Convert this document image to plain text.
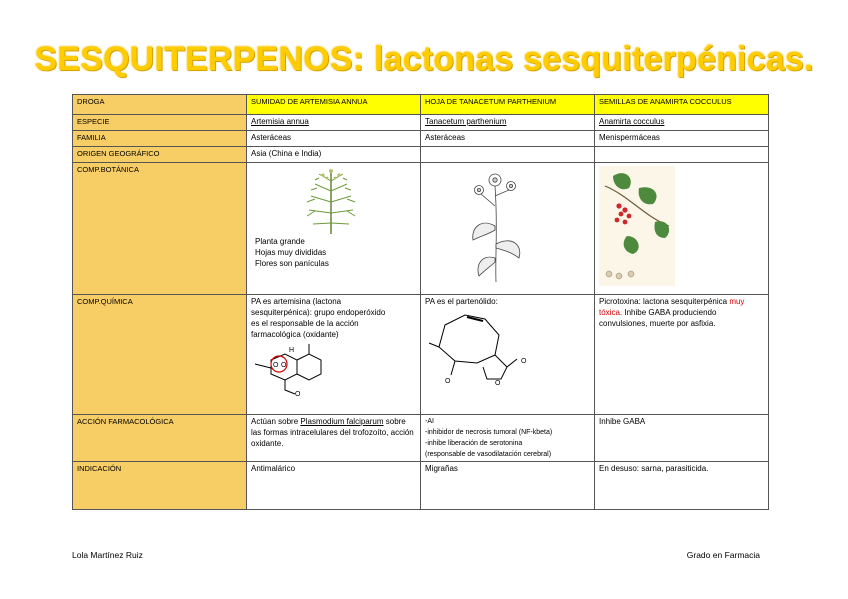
SESQUITERPENOS: lactonas sesquiterpénicas.
DROGA	SUMIDAD DE ARTEMISIA ANNUA	HOJA DE TANACETUM PARTHENIUM	SEMILLAS DE ANAMIRTA COCCULUS
ESPECIE	Artemisia annua	Tanacetum parthenium	Anamirta cocculus
FAMILIA	Asteráceas	Asteráceas	Menispermáceas
ORIGEN GEOGRÁFICO	Asia (China e India)		
COMP.BOTÁNICA	Planta grande
Hojas muy divididas
Flores son panículas

COMP.QUÍMICA	PA es artemisina (lactona sesquiterpénica): grupo endoperóxido es el responsable de la acción farmacológica (oxidante)
H
O O
O	PA es el partenólido:
O
O
O	Picrotoxina: lactona sesquiterpénica muy tóxica. Inhibe GABA produciendo convulsiones, muerte por asfixia.
ACCIÓN FARMACOLÓGICA	Actúan sobre Plasmodium falciparum sobre las formas intracelulares del trofozoíto, acción oxidante.	-AI
-inhibidor de necrosis tumoral (NF-kbeta)
-inhibe liberación de serotonina
(responsable de vasodilatación cerebral)	Inhibe GABA
INDICACIÓN	Antimalárico	Migrañas	En desuso: sarna, parasiticida.
Lola Martínez Ruiz	Grado en Farmacia
